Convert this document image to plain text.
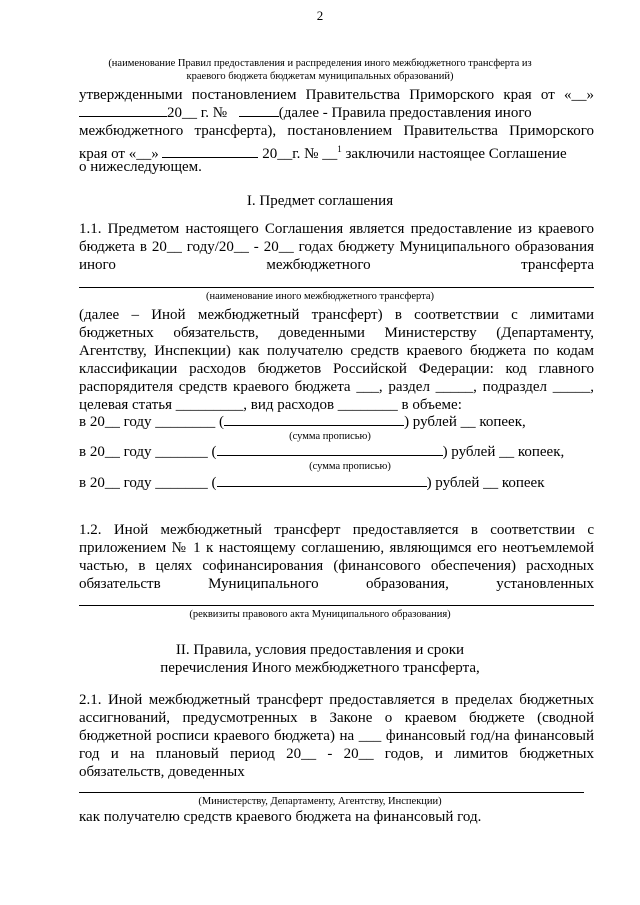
2
(наименование Правил предоставления и распределения иного межбюджетного трансферта из
краевого бюджета бюджетам муниципальных образований)
утвержденными постановлением Правительства Приморского края от «__»
20__ г. №	(далее - Правила предоставления иного
межбюджетного трансферта), постановлением Правительства Приморского
края от «__»	20__г. № __$^1$ заключили настоящее Соглашение
о нижеследующем.
I. Предмет соглашения
1.1. Предметом настоящего Соглашения является предоставление из краевого
бюджета в 20__ году/20__ - 20__ годах бюджету Муниципального образования
иного межбюджетного трансферта
(наименование иного межбюджетного трансферта)
(далее – Иной межбюджетный трансферт) в соответствии с лимитами
бюджетных обязательств, доведенными Министерству (Департаменту,
Агентству, Инспекции) как получателю средств краевого бюджета по кодам
классификации расходов бюджетов Российской Федерации: код главного
распорядителя средств краевого бюджета ___, раздел _____, подраздел _____,
целевая статья _________, вид расходов ________ в объеме:
в 20__ году ________ (	) рублей __ копеек,
(сумма прописью)
в 20__ году _______ (	) рублей __ копеек,
(сумма прописью)
в 20__ году _______ (	) рублей __ копеек
1.2. Иной межбюджетный трансферт предоставляется в соответствии с
приложением № 1 к настоящему соглашению, являющимся его неотъемлемой
частью, в целях софинансирования (финансового обеспечения) расходных
обязательств Муниципального образования, установленных
(реквизиты правового акта Муниципального образования)
II. Правила, условия предоставления и сроки
перечисления Иного межбюджетного трансферта,
2.1. Иной межбюджетный трансферт предоставляется в пределах бюджетных
ассигнований, предусмотренных в Законе о краевом бюджете (сводной
бюджетной росписи краевого бюджета) на ___ финансовый год/на финансовый
год и на плановый период 20__ - 20__ годов, и лимитов бюджетных
обязательств, доведенных
(Министерству, Департаменту, Агентству, Инспекции)
как получателю средств краевого бюджета на финансовый год.
